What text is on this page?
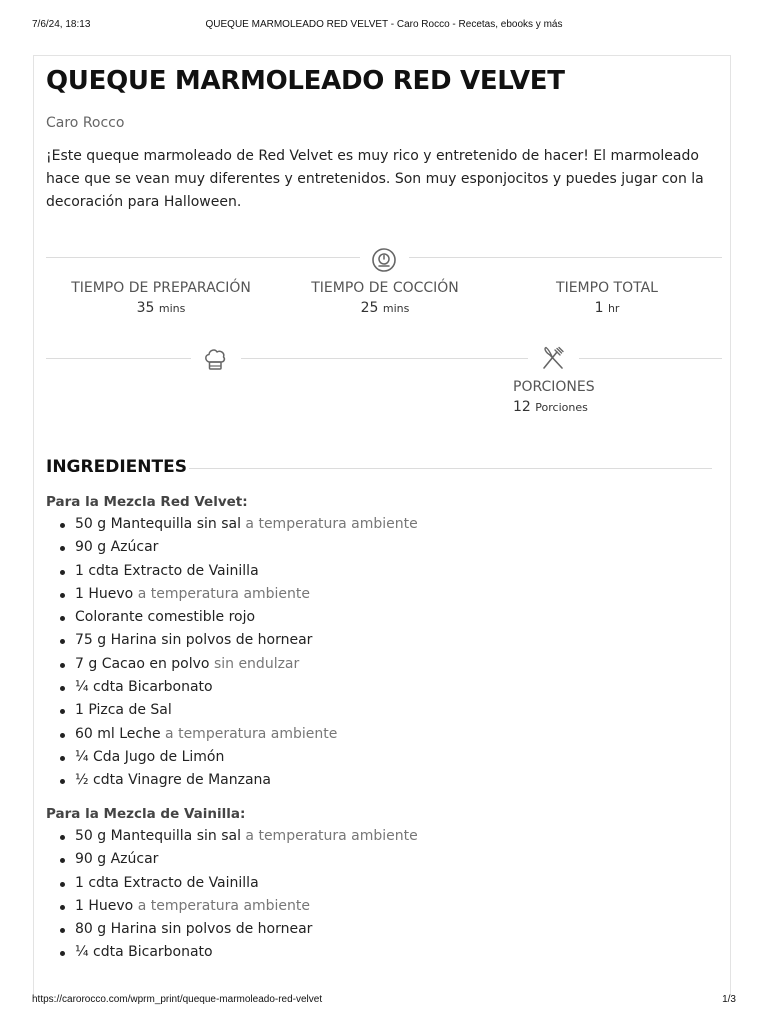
7/6/24, 18:13	QUEQUE MARMOLEADO RED VELVET - Caro Rocco - Recetas, ebooks y más
QUEQUE MARMOLEADO RED VELVET
Caro Rocco
¡Este queque marmoleado de Red Velvet es muy rico y entretenido de hacer! El marmoleado hace que se vean muy diferentes y entretenidos. Son muy esponjocitos y puedes jugar con la decoración para Halloween.
TIEMPO DE PREPARACIÓN
35 mins
TIEMPO DE COCCIÓN
25 mins
TIEMPO TOTAL
1 hr
PORCIONES
12 Porciones
INGREDIENTES

Para la Mezcla Red Velvet:

50 g Mantequilla sin sal a temperatura ambiente
90 g Azúcar
1 cdta Extracto de Vainilla
1 Huevo a temperatura ambiente
Colorante comestible rojo
75 g Harina sin polvos de hornear
7 g Cacao en polvo sin endulzar
¼ cdta Bicarbonato
1 Pizca de Sal
60 ml Leche a temperatura ambiente
¼ Cda Jugo de Limón
½ cdta Vinagre de Manzana

Para la Mezcla de Vainilla:

50 g Mantequilla sin sal a temperatura ambiente
90 g Azúcar
1 cdta Extracto de Vainilla
1 Huevo a temperatura ambiente
80 g Harina sin polvos de hornear
¼ cdta Bicarbonato
https://carorocco.com/wprm_print/queque-marmoleado-red-velvet	1/3
